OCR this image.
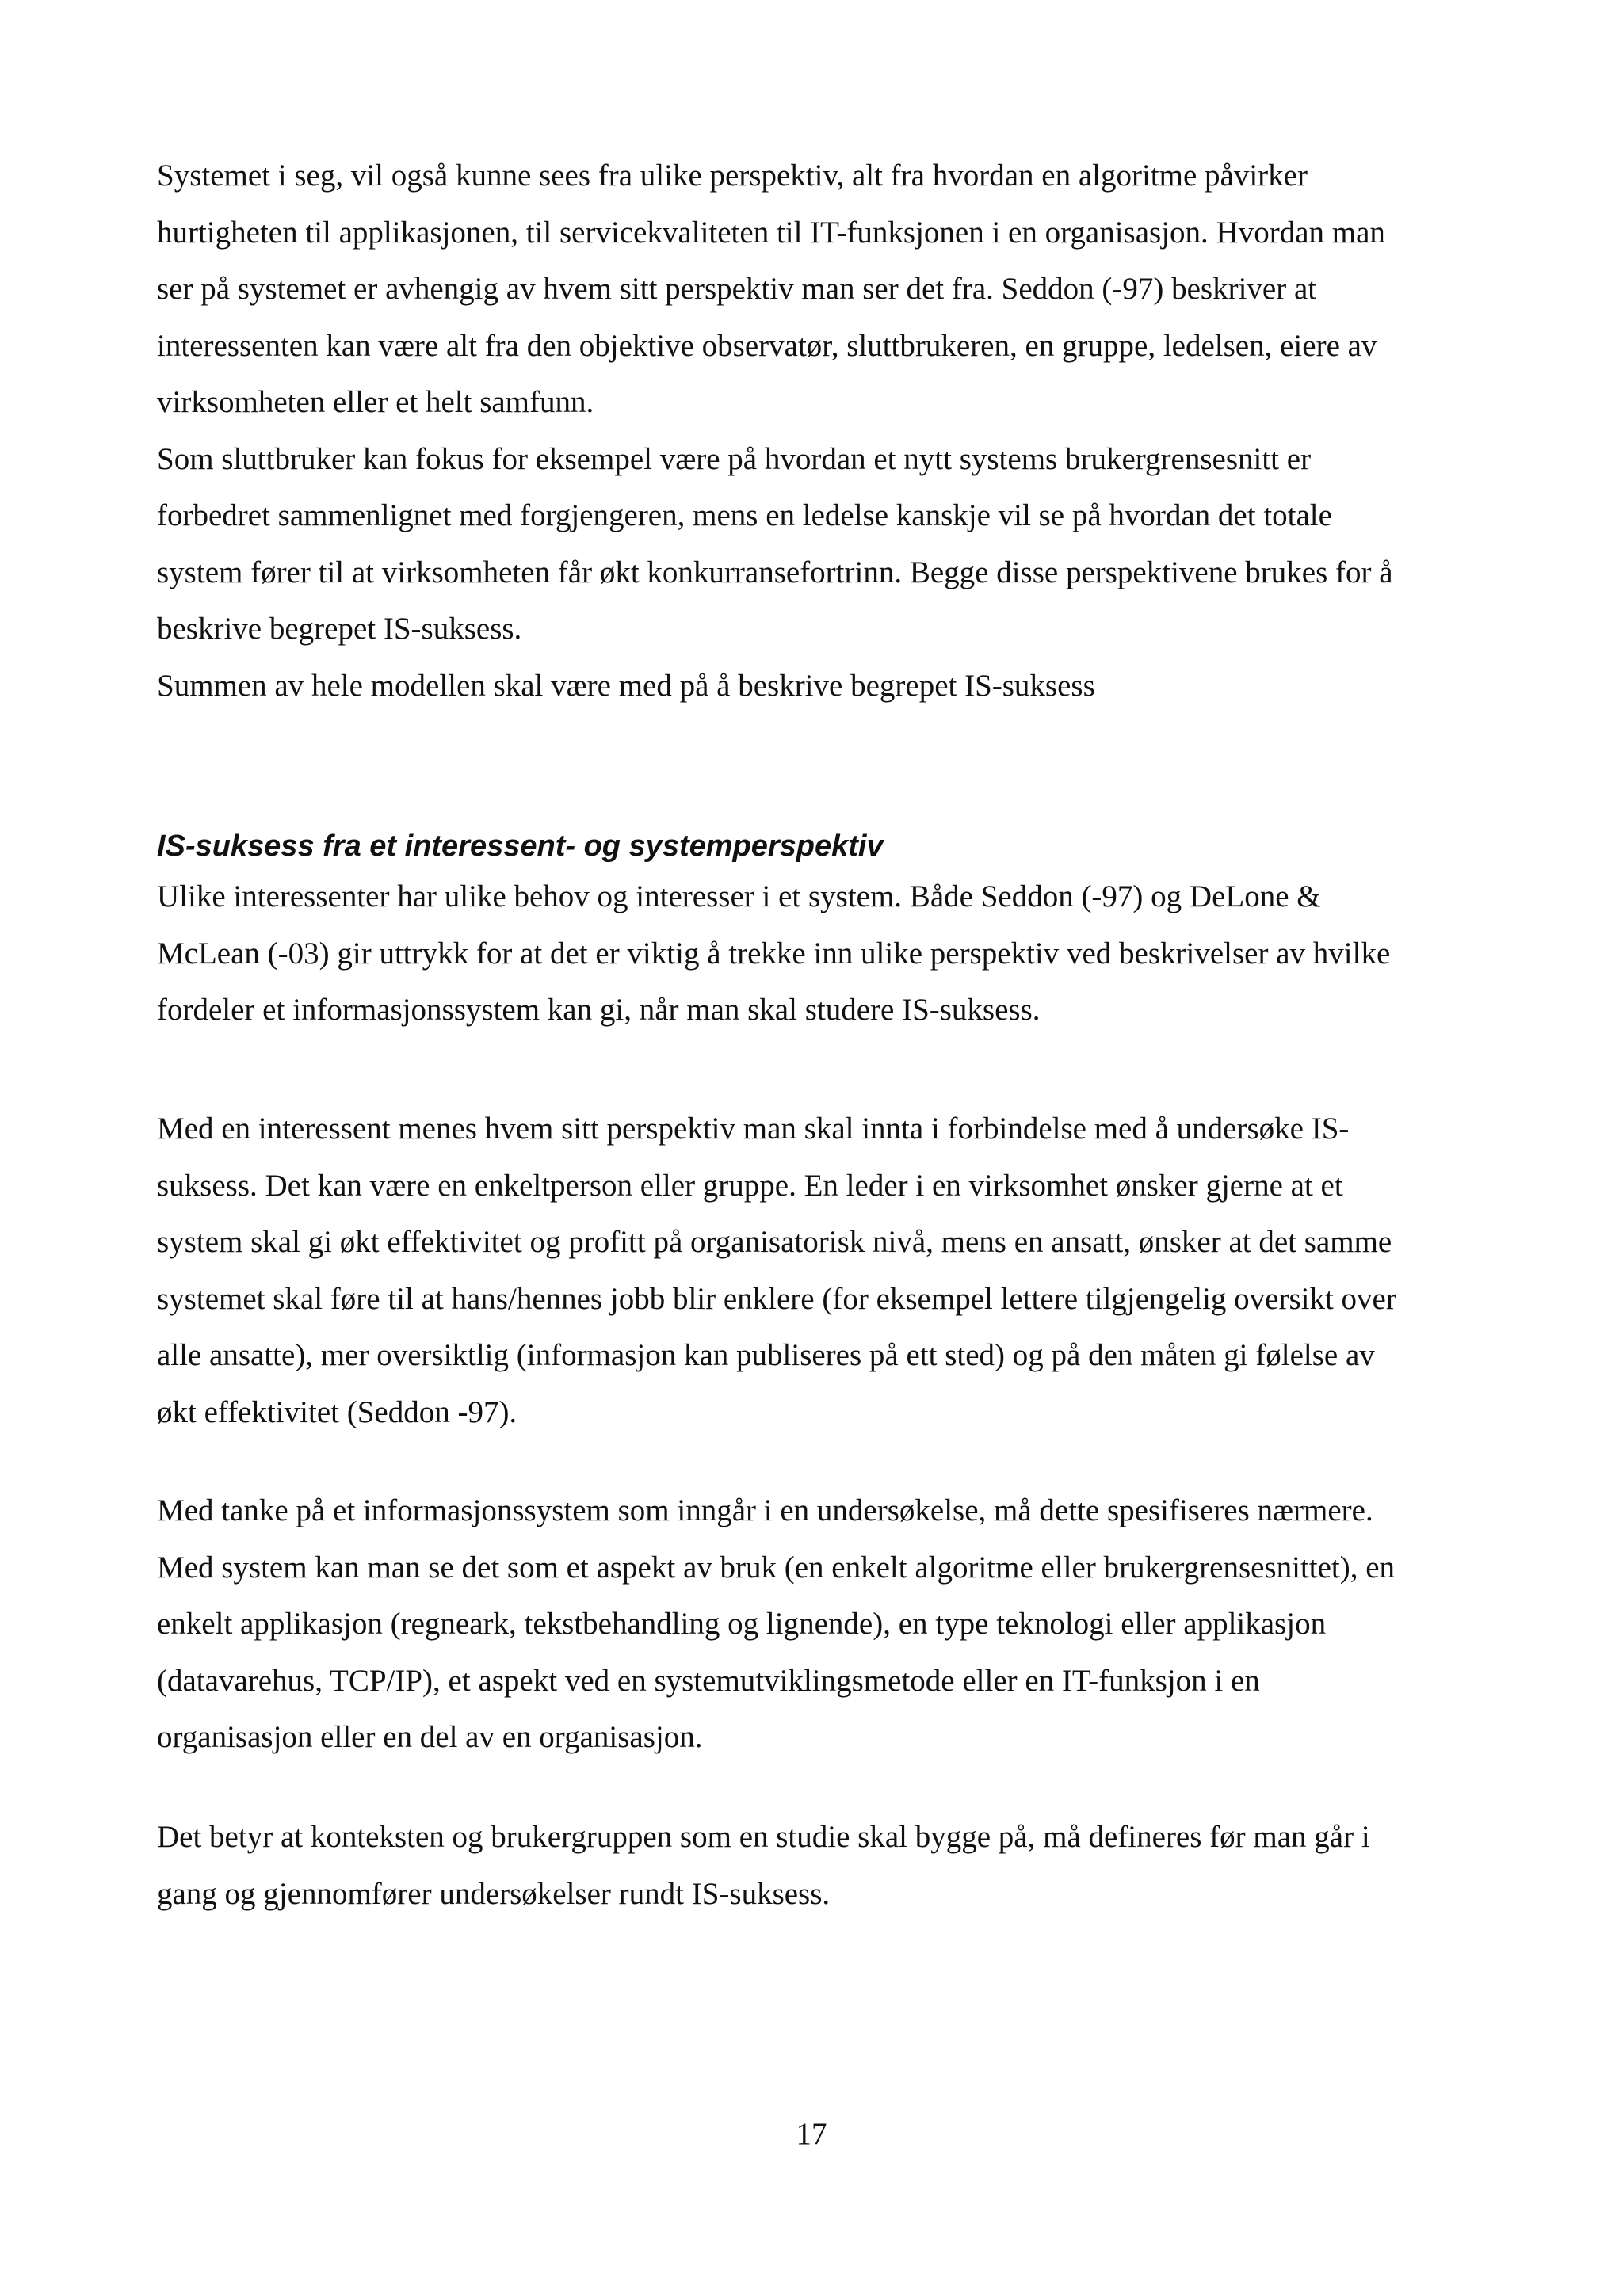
Systemet i seg, vil også kunne sees fra ulike perspektiv, alt fra hvordan en algoritme påvirker

hurtigheten til applikasjonen, til servicekvaliteten til IT-funksjonen i en organisasjon. Hvordan man

ser på systemet er avhengig av hvem sitt perspektiv man ser det fra. Seddon (-97) beskriver at

interessenten kan være alt fra den objektive observatør, sluttbrukeren, en gruppe, ledelsen, eiere av

virksomheten eller et helt samfunn.

Som sluttbruker kan fokus for eksempel være på hvordan et nytt systems brukergrensesnitt er

forbedret sammenlignet med forgjengeren, mens en ledelse kanskje vil se på hvordan det totale

system fører til at virksomheten får økt konkurransefortrinn. Begge disse perspektivene brukes for å

beskrive begrepet IS-suksess.

Summen av hele modellen skal være med på å beskrive begrepet IS-suksess

IS-suksess fra et interessent- og systemperspektiv

Ulike interessenter har ulike behov og interesser i et system. Både Seddon (-97) og DeLone &

McLean (-03) gir uttrykk for at det er viktig å trekke inn ulike perspektiv ved beskrivelser av hvilke

fordeler et informasjonssystem kan gi, når man skal studere IS-suksess.

Med en interessent menes hvem sitt perspektiv man skal innta i forbindelse med å undersøke IS-

suksess. Det kan være en enkeltperson eller gruppe. En leder i en virksomhet ønsker gjerne at et

system skal gi økt effektivitet og profitt på organisatorisk nivå, mens en ansatt, ønsker at det samme

systemet skal føre til at hans/hennes jobb blir enklere (for eksempel lettere tilgjengelig oversikt over

alle ansatte), mer oversiktlig (informasjon kan publiseres på ett sted) og på den måten gi følelse av

økt effektivitet (Seddon -97).

Med tanke på et informasjonssystem som inngår i en undersøkelse, må dette spesifiseres nærmere.

Med system kan man se det som et aspekt av bruk (en enkelt algoritme eller brukergrensesnittet), en

enkelt applikasjon (regneark, tekstbehandling og lignende), en type teknologi eller applikasjon

(datavarehus, TCP/IP), et aspekt ved en systemutviklingsmetode eller en IT-funksjon i en

organisasjon eller en del av en organisasjon.

Det betyr at konteksten og brukergruppen som en studie skal bygge på, må defineres før man går i

gang og gjennomfører undersøkelser rundt IS-suksess.

17
